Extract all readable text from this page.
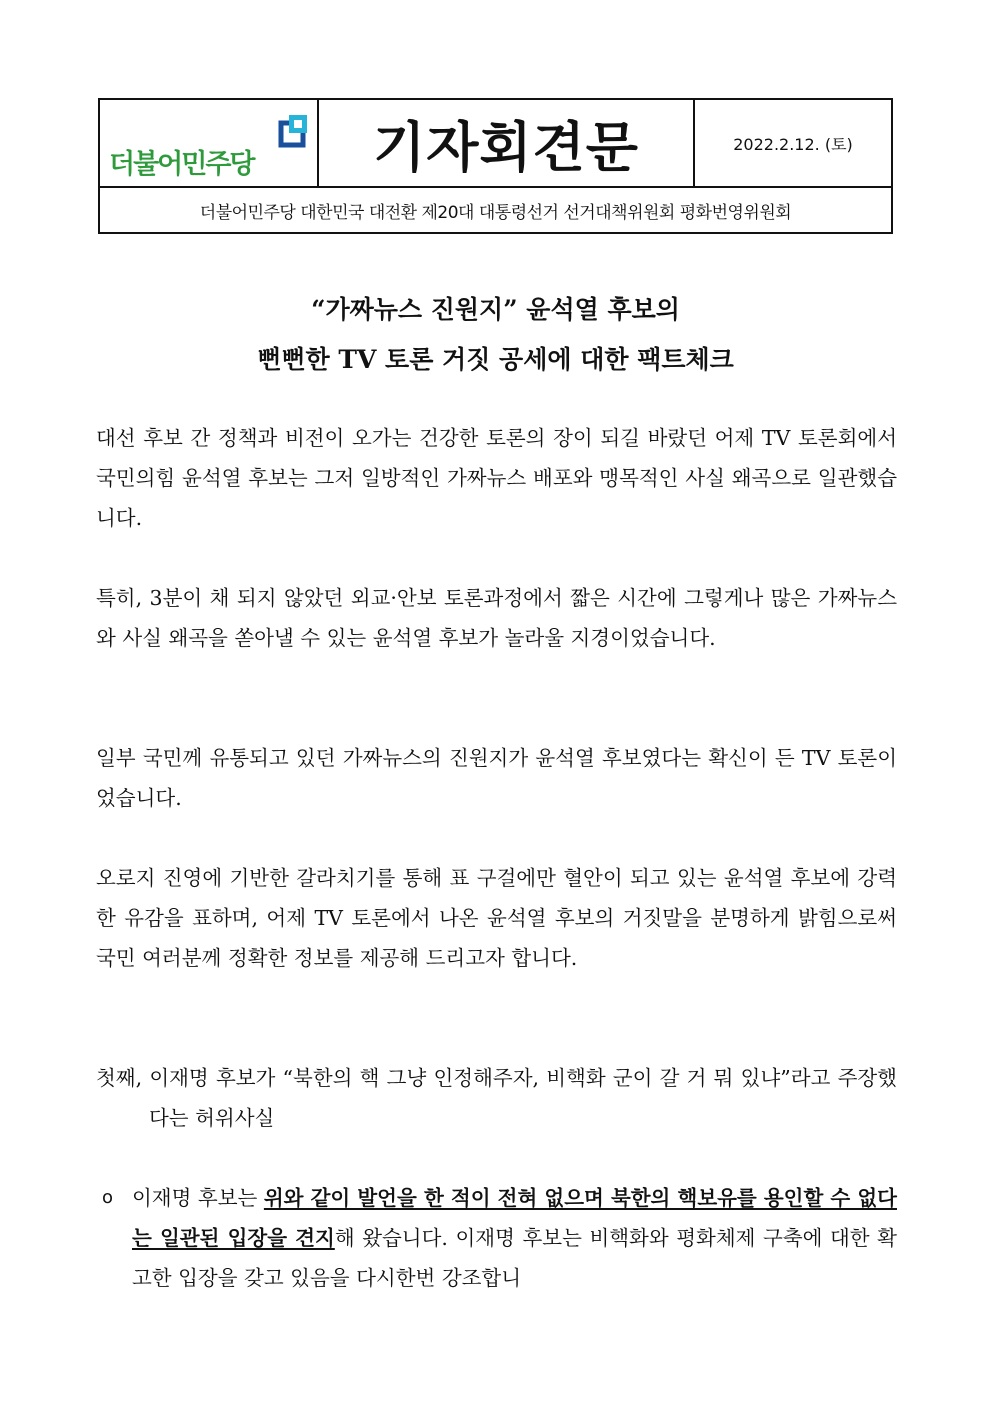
더불어민주당 기자회견문	2022.2.12. (토)
더불어민주당 대한민국 대전환 제20대 대통령선거 선거대책위원회 평화번영위원회
“가짜뉴스 진원지” 윤석열 후보의
뻔뻔한 TV 토론 거짓 공세에 대한 팩트체크
대선 후보 간 정책과 비전이 오가는 건강한 토론의 장이 되길 바랐던 어제 TV 토론회에서 국민의힘 윤석열 후보는 그저 일방적인 가짜뉴스 배포와 맹목적인 사실 왜곡으로 일관했습니다.
특히, 3분이 채 되지 않았던 외교·안보 토론과정에서 짧은 시간에 그렇게나 많은 가짜뉴스와 사실 왜곡을 쏟아낼 수 있는 윤석열 후보가 놀라울 지경이었습니다.
일부 국민께 유통되고 있던 가짜뉴스의 진원지가 윤석열 후보였다는 확신이 든 TV 토론이었습니다.
오로지 진영에 기반한 갈라치기를 통해 표 구걸에만 혈안이 되고 있는 윤석열 후보에 강력한 유감을 표하며, 어제 TV 토론에서 나온 윤석열 후보의 거짓말을 분명하게 밝힘으로써 국민 여러분께 정확한 정보를 제공해 드리고자 합니다.
첫째, 이재명 후보가 “북한의 핵 그냥 인정해주자, 비핵화 군이 갈 거 뭐 있냐”라고 주장했다는 허위사실
o 이재명 후보는 위와 같이 발언을 한 적이 전혀 없으며 북한의 핵보유를 용인할 수 없다는 일관된 입장을 견지해 왔습니다. 이재명 후보는 비핵화와 평화체제 구축에 대한 확고한 입장을 갖고 있음을 다시한번 강조합니
